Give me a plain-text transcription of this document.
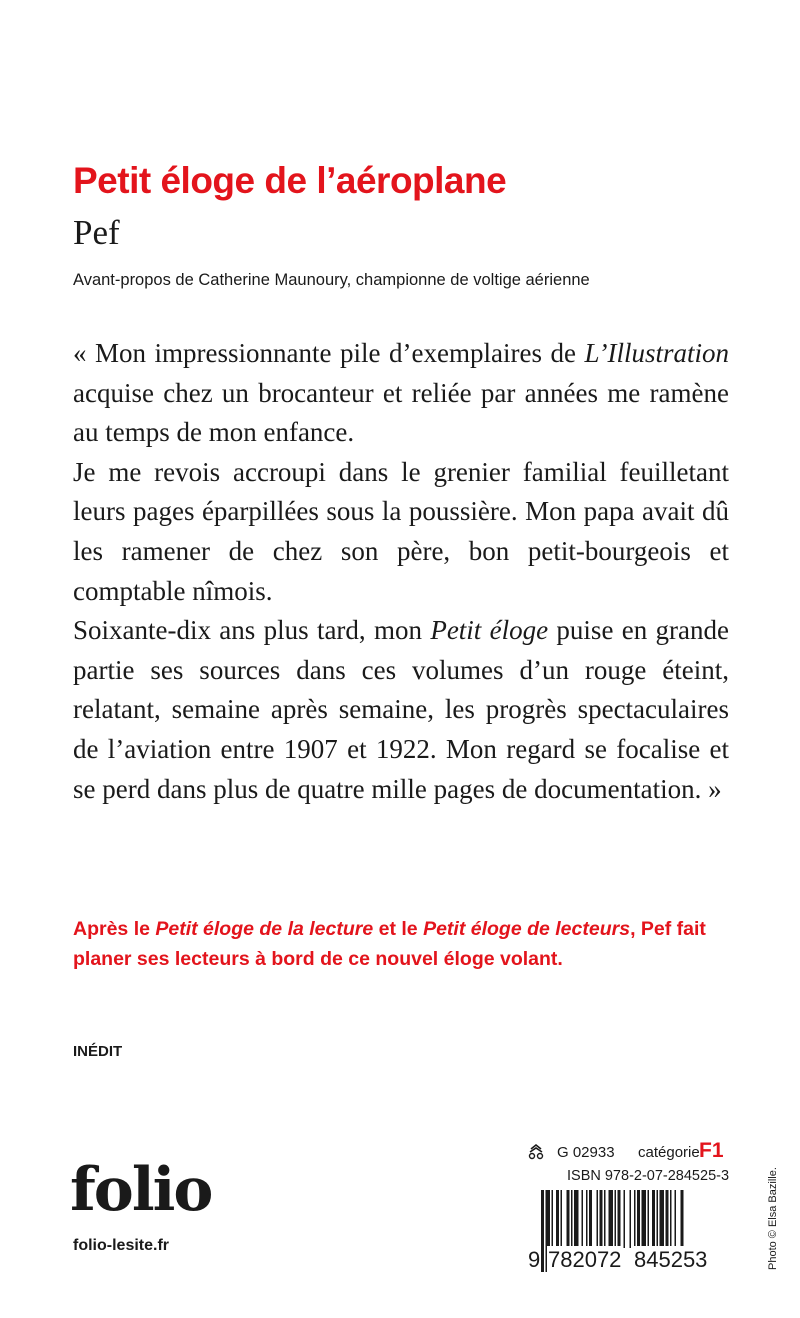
Petit éloge de l’aéroplane
Pef
Avant-propos de Catherine Maunoury, championne de voltige aérienne

« Mon impressionnante pile d’exemplaires de L’Illustration acquise chez un brocanteur et reliée par années me ramène au temps de mon enfance.

Je me revois accroupi dans le grenier familial feuilletant leurs pages éparpillées sous la poussière. Mon papa avait dû les ramener de chez son père, bon petit-bourgeois et comptable nîmois.

Soixante-dix ans plus tard, mon Petit éloge puise en grande partie ses sources dans ces volumes d’un rouge éteint, relatant, semaine après semaine, les progrès spectaculaires de l’aviation entre 1907 et 1922. Mon regard se focalise et se perd dans plus de quatre mille pages de documentation. »

Après le Petit éloge de la lecture et le Petit éloge de lecteurs, Pef fait planer ses lecteurs à bord de ce nouvel éloge volant.
INÉDIT
folio
folio-lesite.fr
G 02933 catégorie F1
ISBN 978-2-07-284525-3
9 782072 845253	Photo © Elsa Bazille.
